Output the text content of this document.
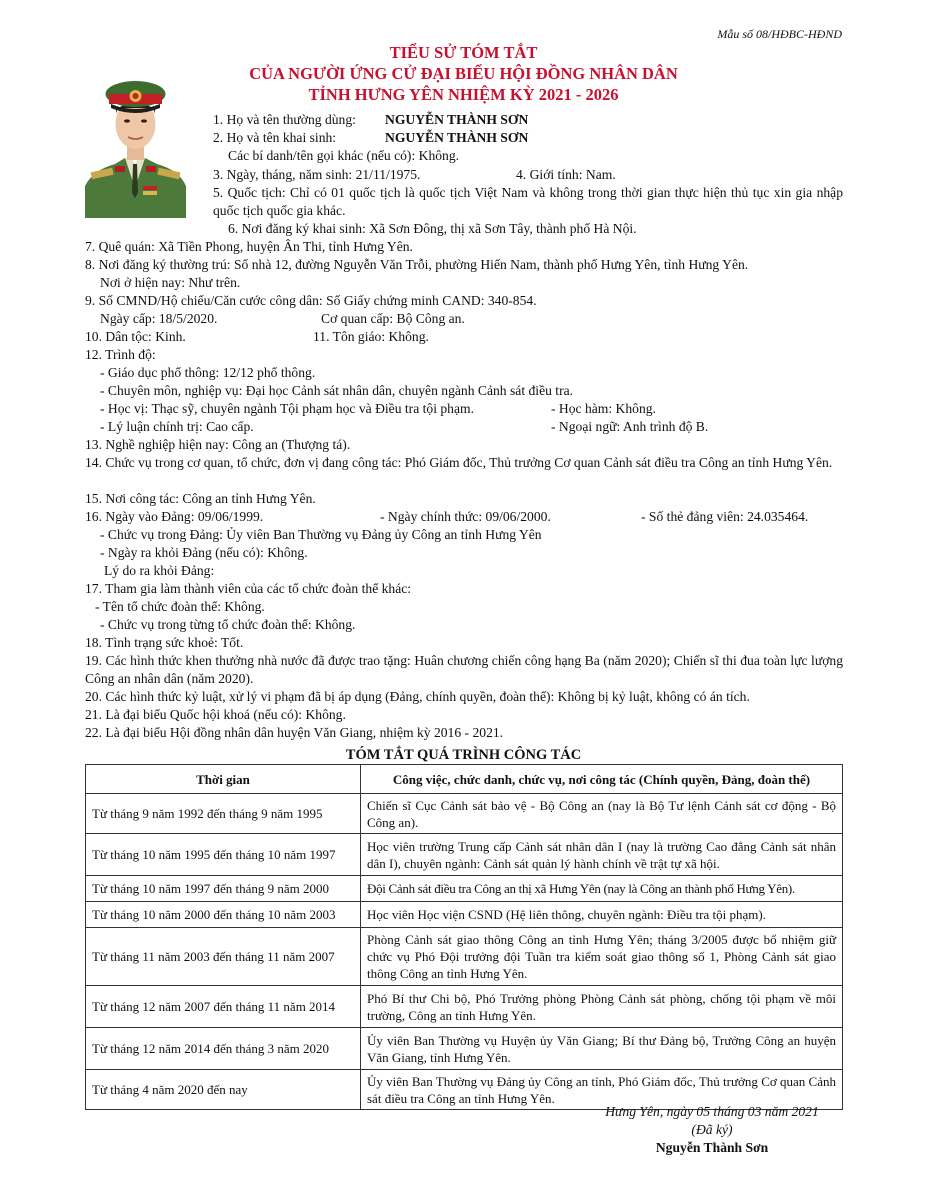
Mẫu số 08/HĐBC-HĐND
TIỂU SỬ TÓM TẮT
CỦA NGƯỜI ỨNG CỬ ĐẠI BIỂU HỘI ĐỒNG NHÂN DÂN
TỈNH HƯNG YÊN NHIỆM KỲ 2021 - 2026
1. Họ và tên thường dùng: NGUYỄN THÀNH SƠN
2. Họ và tên khai sinh:	NGUYỄN THÀNH SƠN
Các bí danh/tên gọi khác (nếu có): Không.
3. Ngày, tháng, năm sinh: 21/11/1975.	4. Giới tính: Nam.
5. Quốc tịch: Chỉ có 01 quốc tịch là quốc tịch Việt Nam và không trong thời gian thực hiện thủ tục xin gia nhập quốc tịch quốc gia khác.
6. Nơi đăng ký khai sinh: Xã Sơn Đông, thị xã Sơn Tây, thành phố Hà Nội.
7. Quê quán: Xã Tiền Phong, huyện Ân Thi, tỉnh Hưng Yên.
8. Nơi đăng ký thường trú: Số nhà 12, đường Nguyễn Văn Trỗi, phường Hiến Nam, thành phố Hưng Yên, tỉnh Hưng Yên.
Nơi ở hiện nay: Như trên.
9. Số CMND/Hộ chiếu/Căn cước công dân: Số Giấy chứng minh CAND: 340-854.
Ngày cấp: 18/5/2020.	Cơ quan cấp: Bộ Công an.
10. Dân tộc: Kinh.	11. Tôn giáo: Không.
12. Trình độ:
- Giáo dục phổ thông: 12/12 phổ thông.
- Chuyên môn, nghiệp vụ: Đại học Cảnh sát nhân dân, chuyên ngành Cảnh sát điều tra.
- Học vị: Thạc sỹ, chuyên ngành Tội phạm học và Điều tra tội phạm.	- Học hàm: Không.
- Lý luận chính trị: Cao cấp.	- Ngoại ngữ: Anh trình độ B.
13. Nghề nghiệp hiện nay: Công an (Thượng tá).
14. Chức vụ trong cơ quan, tổ chức, đơn vị đang công tác: Phó Giám đốc, Thủ trưởng Cơ quan Cảnh sát điều tra Công an tỉnh Hưng Yên.
15. Nơi công tác: Công an tỉnh Hưng Yên.
16. Ngày vào Đảng: 09/06/1999.	- Ngày chính thức: 09/06/2000.	- Số thẻ đảng viên: 24.035464.
- Chức vụ trong Đảng: Ủy viên Ban Thường vụ Đảng ủy Công an tỉnh Hưng Yên
- Ngày ra khỏi Đảng (nếu có): Không.
Lý do ra khỏi Đảng:
17. Tham gia làm thành viên của các tổ chức đoàn thể khác:
- Tên tổ chức đoàn thể: Không.
- Chức vụ trong từng tổ chức đoàn thể: Không.
18. Tình trạng sức khoẻ: Tốt.
19. Các hình thức khen thưởng nhà nước đã được trao tặng: Huân chương chiến công hạng Ba (năm 2020); Chiến sĩ thi đua toàn lực lượng Công an nhân dân (năm 2020).
20. Các hình thức kỷ luật, xử lý vi phạm đã bị áp dụng (Đảng, chính quyền, đoàn thể): Không bị kỷ luật, không có án tích.
21. Là đại biểu Quốc hội khoá (nếu có): Không.
22. Là đại biểu Hội đồng nhân dân huyện Văn Giang, nhiệm kỳ 2016 - 2021.
TÓM TẮT QUÁ TRÌNH CÔNG TÁC
Thời gian	Công việc, chức danh, chức vụ, nơi công tác (Chính quyền, Đảng, đoàn thể)
Từ tháng 9 năm 1992 đến tháng 9 năm 1995	Chiến sĩ Cục Cảnh sát bảo vệ - Bộ Công an (nay là Bộ Tư lệnh Cảnh sát cơ động - Bộ Công an).
Từ tháng 10 năm 1995 đến tháng 10 năm 1997	Học viên trường Trung cấp Cảnh sát nhân dân I (nay là trường Cao đẳng Cảnh sát nhân dân I), chuyên ngành: Cảnh sát quản lý hành chính về trật tự xã hội.
Từ tháng 10 năm 1997 đến tháng 9 năm 2000	Đội Cảnh sát điều tra Công an thị xã Hưng Yên (nay là Công an thành phố Hưng Yên).
Từ tháng 10 năm 2000 đến tháng 10 năm 2003	Học viên Học viện CSND (Hệ liên thông, chuyên ngành: Điều tra tội phạm).
Từ tháng 11 năm 2003 đến tháng 11 năm 2007	Phòng Cảnh sát giao thông Công an tỉnh Hưng Yên; tháng 3/2005 được bổ nhiệm giữ chức vụ Phó Đội trưởng đội Tuần tra kiểm soát giao thông số 1, Phòng Cảnh sát giao thông Công an tỉnh Hưng Yên.
Từ tháng 12 năm 2007 đến tháng 11 năm 2014	Phó Bí thư Chi bộ, Phó Trưởng phòng Phòng Cảnh sát phòng, chống tội phạm về môi trường, Công an tỉnh Hưng Yên.
Từ tháng 12 năm 2014 đến tháng 3 năm 2020	Ủy viên Ban Thường vụ Huyện ủy Văn Giang; Bí thư Đảng bộ, Trưởng Công an huyện Văn Giang, tỉnh Hưng Yên.
Từ tháng 4 năm 2020 đến nay	Ủy viên Ban Thường vụ Đảng ủy Công an tỉnh, Phó Giám đốc, Thủ trưởng Cơ quan Cảnh sát điều tra Công an tỉnh Hưng Yên.
Hưng Yên, ngày 05 tháng 03 năm 2021
(Đã ký)
Nguyễn Thành Sơn
